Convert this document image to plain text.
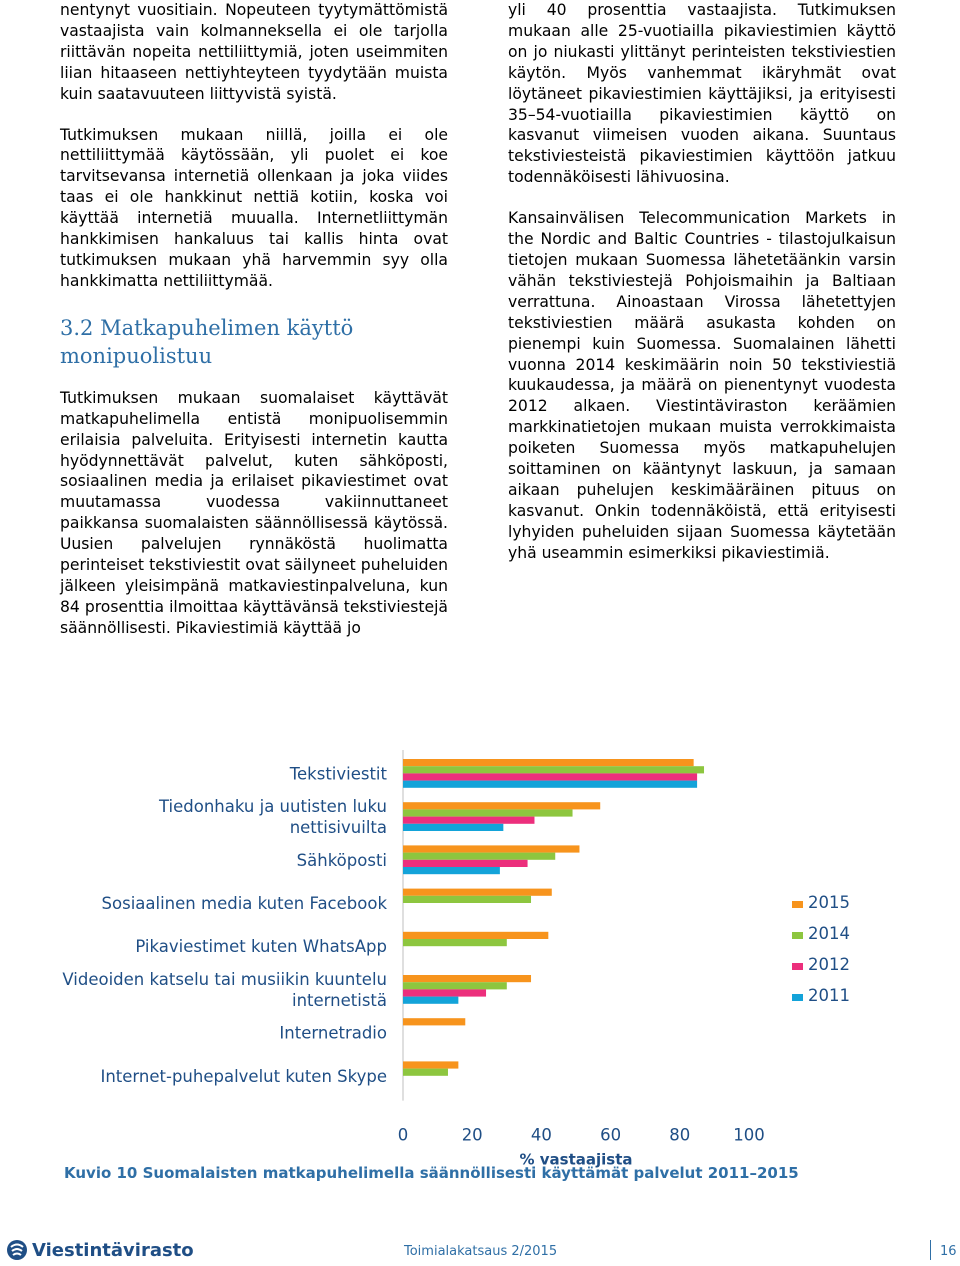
nentynyt vuositiain. Nopeuteen tyytymättömistä vastaajista vain kolmanneksella ei ole tarjolla riittävän nopeita nettiliittymiä, joten useimmiten liian hitaaseen nettiyhteyteen tyydytään muista kuin saatavuuteen liittyvistä syistä.

Tutkimuksen mukaan niillä, joilla ei ole nettiliittymää käytössään, yli puolet ei koe tarvitsevansa internetiä ollenkaan ja joka viides taas ei ole hankkinut nettiä kotiin, koska voi käyttää internetiä muualla. Internetliittymän hankkimisen hankaluus tai kallis hinta ovat tutkimuksen mukaan yhä harvemmin syy olla hankkimatta nettiliittymää.

3.2 Matkapuhelimen käyttö monipuolistuu

Tutkimuksen mukaan suomalaiset käyttävät matkapuhelimella entistä monipuolisemmin erilaisia palveluita. Erityisesti internetin kautta hyödynnettävät palvelut, kuten sähköposti, sosiaalinen media ja erilaiset pikaviestimet ovat muutamassa vuodessa vakiinnuttaneet paikkansa suomalaisten säännöllisessä käytössä. Uusien palvelujen rynnäköstä huolimatta perinteiset tekstiviestit ovat säilyneet puheluiden jälkeen yleisimpänä matkaviestinpalveluna, kun 84 prosenttia ilmoittaa käyttävänsä tekstiviestejä säännöllisesti. Pikaviestimiä käyttää jo

yli 40 prosenttia vastaajista. Tutkimuksen mukaan alle 25-vuotiailla pikaviestimien käyttö on jo niukasti ylittänyt perinteisten tekstiviestien käytön. Myös vanhemmat ikäryhmät ovat löytäneet pikaviestimien käyttäjiksi, ja erityisesti 35–54-vuotiailla pikaviestimien käyttö on kasvanut viimeisen vuoden aikana. Suuntaus tekstiviesteistä pikaviestimien käyttöön jatkuu todennäköisesti lähivuosina.

Kansainvälisen Telecommunication Markets in the Nordic and Baltic Countries - tilastojulkaisun tietojen mukaan Suomessa lähetetäänkin varsin vähän tekstiviestejä Pohjoismaihin ja Baltiaan verrattuna. Ainoastaan Virossa lähetettyjen tekstiviestien määrä asukasta kohden on pienempi kuin Suomessa. Suomalainen lähetti vuonna 2014 keskimäärin noin 50 tekstiviestiä kuukaudessa, ja määrä on pienentynyt vuodesta 2012 alkaen. Viestintäviraston keräämien markkinatietojen mukaan muista verrokkimaista poiketen Suomessa myös matkapuhelujen soittaminen on kääntynyt laskuun, ja samaan aikaan puhelujen keskimääräinen pituus on kasvanut. Onkin todennäköistä, että erityisesti lyhyiden puheluiden sijaan Suomessa käytetään yhä useammin esimerkiksi pikaviestimiä.

Tekstiviestit
Tiedonhaku ja uutisten luku nettisivuilta
Sähköposti
Sosiaalinen media kuten Facebook
Pikaviestimet kuten WhatsApp
Videoiden katselu tai musiikin kuuntelu internetistä
Internetradio
Internet-puhepalvelut kuten Skype
0	20	40	60	80	100
% vastaajista
2015
2014
2012
2011
Kuvio 10 Suomalaisten matkapuhelimella säännöllisesti käyttämät palvelut 2011–2015
Viestintävirasto	Toimialakatsaus 2/2015	16
